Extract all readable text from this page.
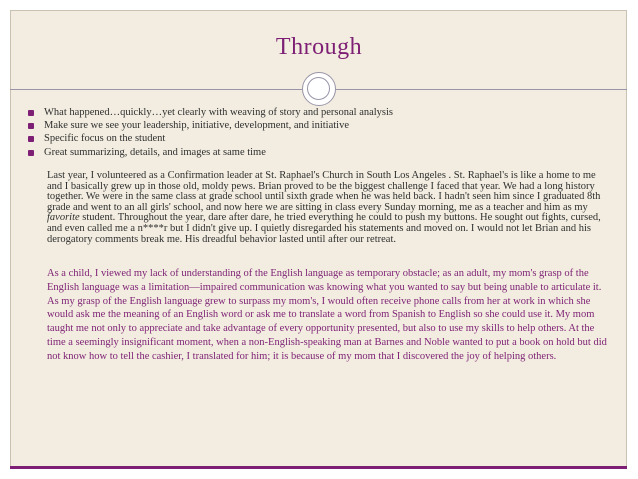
Through
What happened…quickly…yet clearly with weaving of story and personal analysis
Make sure we see your leadership, initiative, development, and initiative
Specific focus on the student
Great summarizing, details, and images at same time

Last year, I volunteered as a Confirmation leader at St. Raphael's Church in South Los Angeles . St. Raphael's is like a home to me and I basically grew up in those old, moldy pews. Brian proved to be the biggest challenge I faced that year. We had a long history together. We were in the same class at grade school until sixth grade when he was held back. I hadn't seen him since I graduated 8th grade and went to an all girls' school, and now here we are sitting in class every Sunday morning, me as a teacher and him as my favorite student. Throughout the year, dare after dare, he tried everything he could to push my buttons. He sought out fights, cursed, and even called me a n****r but I didn't give up. I quietly disregarded his statements and moved on. I would not let Brian and his derogatory comments break me. His dreadful behavior lasted until after our retreat.

As a child, I viewed my lack of understanding of the English language as temporary obstacle; as an adult, my mom's grasp of the English language was a limitation—impaired communication was knowing what you wanted to say but being unable to articulate it. As my grasp of the English language grew to surpass my mom's, I would often receive phone calls from her at work in which she would ask me the meaning of an English word or ask me to translate a word from Spanish to English so she could use it. My mom taught me not only to appreciate and take advantage of every opportunity presented, but also to use my skills to help others. At the time a seemingly insignificant moment, when a non-English-speaking man at Barnes and Noble wanted to put a book on hold but did not know how to tell the cashier, I translated for him; it is because of my mom that I discovered the joy of helping others.
